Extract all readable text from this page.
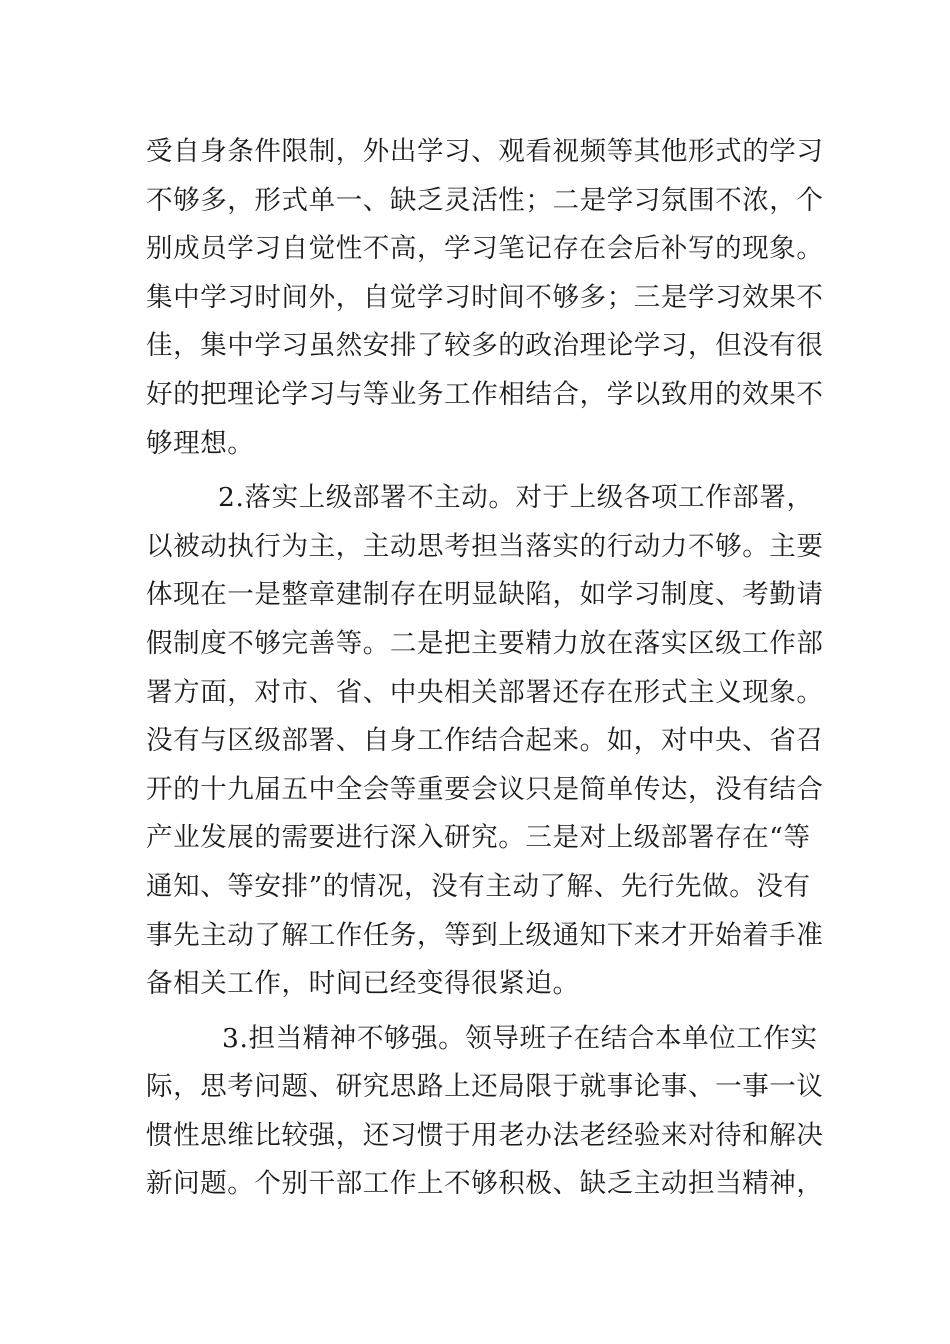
受自身条件限制，外出学习、观看视频等其他形式的学习
不够多，形式单一、缺乏灵活性；二是学习氛围不浓，个
别成员学习自觉性不高，学习笔记存在会后补写的现象。
集中学习时间外，自觉学习时间不够多；三是学习效果不
佳，集中学习虽然安排了较多的政治理论学习，但没有很
好的把理论学习与等业务工作相结合，学以致用的效果不
够理想。
2.落实上级部署不主动。对于上级各项工作部署，
以被动执行为主，主动思考担当落实的行动力不够。主要
体现在一是整章建制存在明显缺陷，如学习制度、考勤请
假制度不够完善等。二是把主要精力放在落实区级工作部
署方面，对市、省、中央相关部署还存在形式主义现象。
没有与区级部署、自身工作结合起来。如，对中央、省召
开的十九届五中全会等重要会议只是简单传达，没有结合
产业发展的需要进行深入研究。三是对上级部署存在“等
通知、等安排”的情况，没有主动了解、先行先做。没有
事先主动了解工作任务，等到上级通知下来才开始着手准
备相关工作，时间已经变得很紧迫。
3.担当精神不够强。领导班子在结合本单位工作实
际，思考问题、研究思路上还局限于就事论事、一事一议
惯性思维比较强，还习惯于用老办法老经验来对待和解决
新问题。个别干部工作上不够积极、缺乏主动担当精神，
